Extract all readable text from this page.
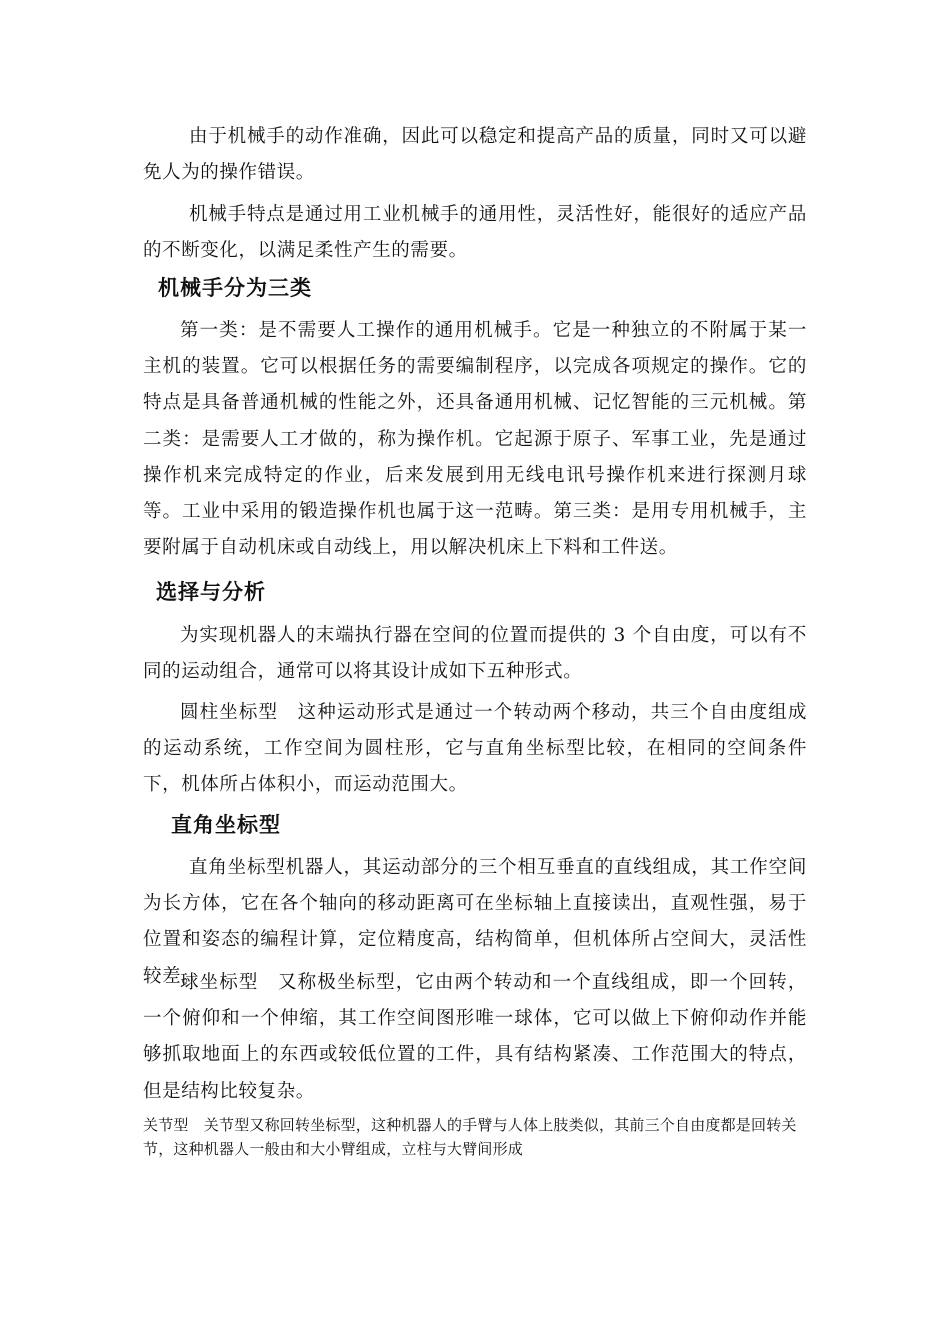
由于机械手的动作准确，因此可以稳定和提高产品的质量，同时又可以避免人为的操作错误。

机械手特点是通过用工业机械手的通用性，灵活性好，能很好的适应产品的不断变化，以满足柔性产生的需要。

机械手分为三类

第一类：是不需要人工操作的通用机械手。它是一种独立的不附属于某一主机的装置。它可以根据任务的需要编制程序，以完成各项规定的操作。它的特点是具备普通机械的性能之外，还具备通用机械、记忆智能的三元机械。第二类：是需要人工才做的，称为操作机。它起源于原子、军事工业，先是通过操作机来完成特定的作业，后来发展到用无线电讯号操作机来进行探测月球等。工业中采用的锻造操作机也属于这一范畴。第三类：是用专用机械手，主要附属于自动机床或自动线上，用以解决机床上下料和工件送。

选择与分析

为实现机器人的末端执行器在空间的位置而提供的 3 个自由度，可以有不同的运动组合，通常可以将其设计成如下五种形式。

圆柱坐标型　这种运动形式是通过一个转动两个移动，共三个自由度组成的运动系统，工作空间为圆柱形，它与直角坐标型比较，在相同的空间条件下，机体所占体积小，而运动范围大。

直角坐标型

直角坐标型机器人，其运动部分的三个相互垂直的直线组成，其工作空间为长方体，它在各个轴向的移动距离可在坐标轴上直接读出，直观性强，易于位置和姿态的编程计算，定位精度高，结构简单，但机体所占空间大，灵活性较差。

球坐标型　又称极坐标型，它由两个转动和一个直线组成，即一个回转，一个俯仰和一个伸缩，其工作空间图形唯一球体，它可以做上下俯仰动作并能够抓取地面上的东西或较低位置的工件，具有结构紧凑、工作范围大的特点，但是结构比较复杂。

关节型　关节型又称回转坐标型，这种机器人的手臂与人体上肢类似，其前三个自由度都是回转关节，这种机器人一般由和大小臂组成，立柱与大臂间形成
